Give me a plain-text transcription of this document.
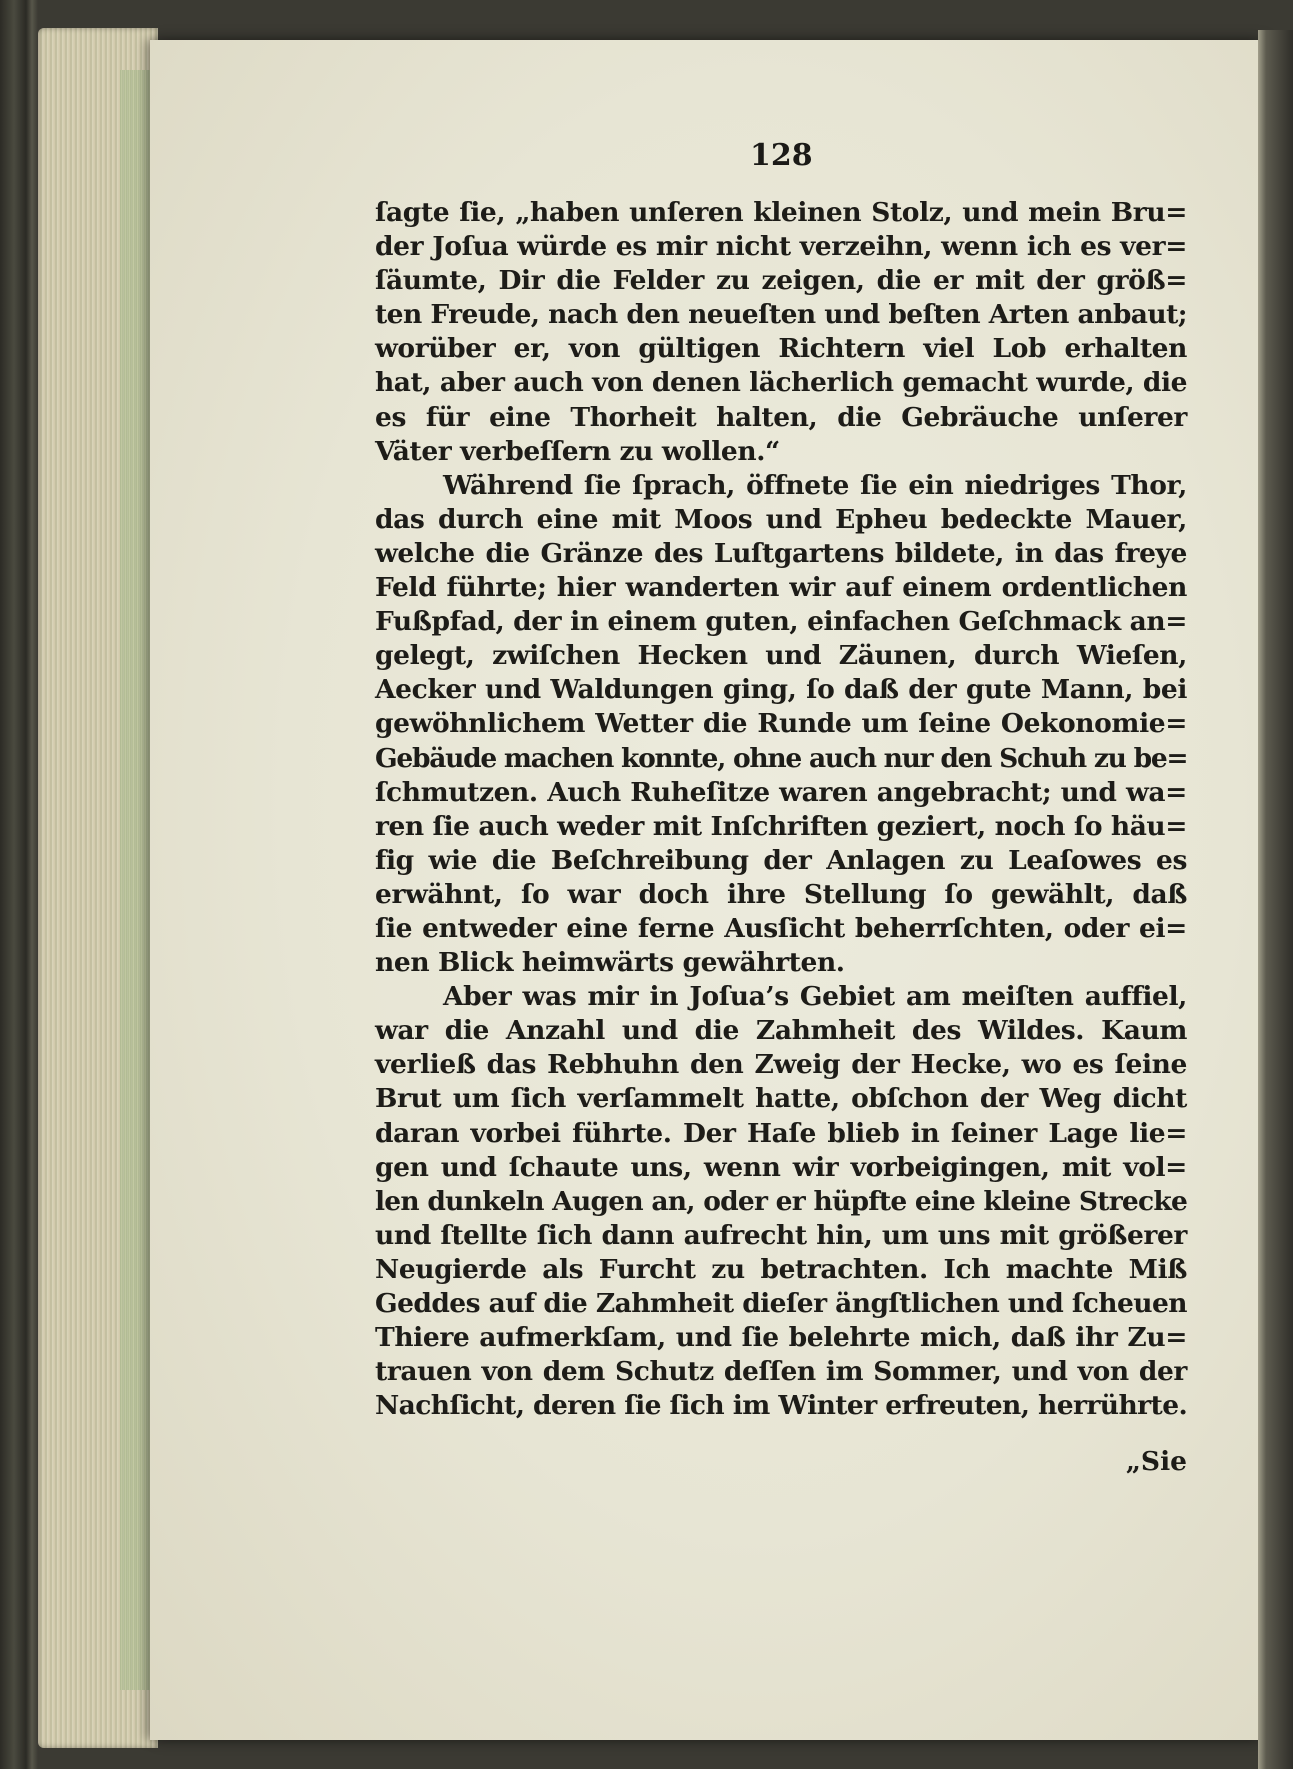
128
ſagte ſie, „haben unſeren kleinen Stolz, und mein Bru=
der Joſua würde es mir nicht verzeihn, wenn ich es ver=
ſäumte, Dir die Felder zu zeigen, die er mit der größ=
ten Freude, nach den neueſten und beſten Arten anbaut;
worüber er, von gültigen Richtern viel Lob erhalten
hat, aber auch von denen lächerlich gemacht wurde, die
es für eine Thorheit halten, die Gebräuche unſerer
Väter verbeſſern zu wollen.“
Während ſie ſprach, öffnete ſie ein niedriges Thor,
das durch eine mit Moos und Epheu bedeckte Mauer,
welche die Gränze des Luſtgartens bildete, in das freye
Feld führte; hier wanderten wir auf einem ordentlichen
Fußpfad, der in einem guten, einfachen Geſchmack an=
gelegt, zwiſchen Hecken und Zäunen, durch Wieſen,
Aecker und Waldungen ging, ſo daß der gute Mann, bei
gewöhnlichem Wetter die Runde um ſeine Oekonomie=
Gebäude machen konnte, ohne auch nur den Schuh zu be=
ſchmutzen. Auch Ruheſitze waren angebracht; und wa=
ren ſie auch weder mit Inſchriften geziert, noch ſo häu=
fig wie die Beſchreibung der Anlagen zu Leaſowes es
erwähnt, ſo war doch ihre Stellung ſo gewählt, daß
ſie entweder eine ferne Ausſicht beherrſchten, oder ei=
nen Blick heimwärts gewährten.
Aber was mir in Joſua’s Gebiet am meiſten auffiel,
war die Anzahl und die Zahmheit des Wildes. Kaum
verließ das Rebhuhn den Zweig der Hecke, wo es ſeine
Brut um ſich verſammelt hatte, obſchon der Weg dicht
daran vorbei führte. Der Haſe blieb in ſeiner Lage lie=
gen und ſchaute uns, wenn wir vorbeigingen, mit vol=
len dunkeln Augen an, oder er hüpfte eine kleine Strecke
und ſtellte ſich dann aufrecht hin, um uns mit größerer
Neugierde als Furcht zu betrachten. Ich machte Miß
Geddes auf die Zahmheit dieſer ängſtlichen und ſcheuen
Thiere aufmerkſam, und ſie belehrte mich, daß ihr Zu=
trauen von dem Schutz deſſen im Sommer, und von der
Nachſicht, deren ſie ſich im Winter erfreuten, herrührte.
„Sie
